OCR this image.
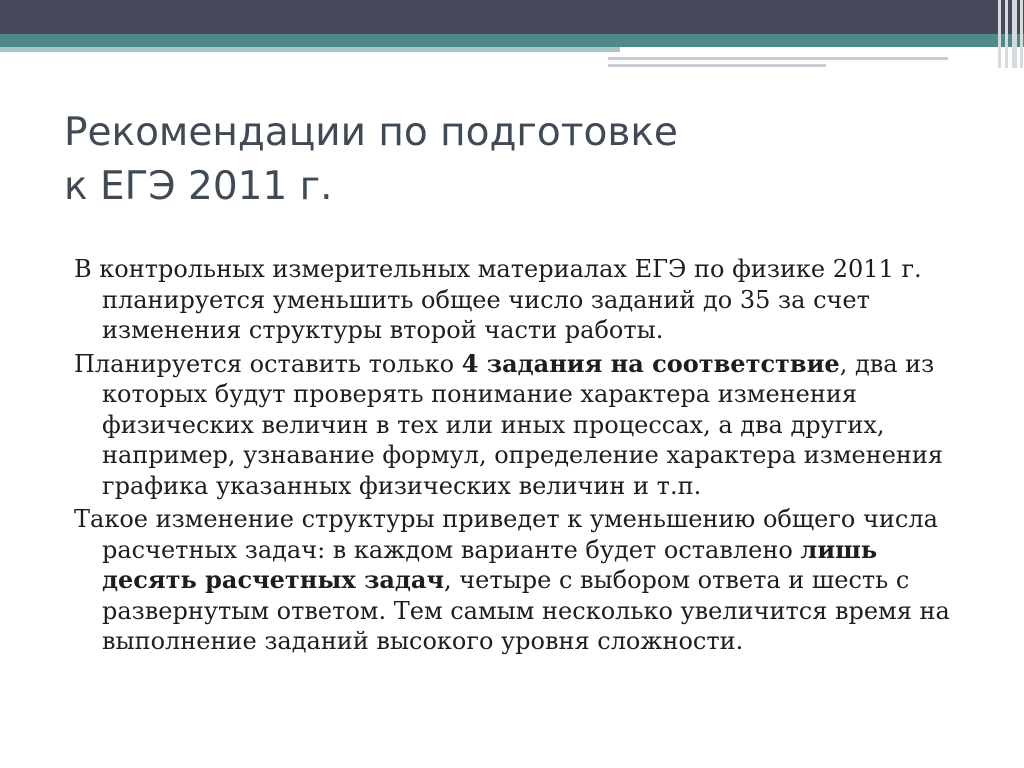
Рекомендации по подготовке
к ЕГЭ 2011 г.

В контрольных измерительных материалах ЕГЭ по физике 2011 г. планируется уменьшить общее число заданий до 35 за счет изменения структуры второй части работы.

Планируется оставить только 4 задания на соответствие, два из которых будут проверять понимание характера изменения физических величин в тех или иных процессах, а два других, например, узнавание формул, определение характера изменения графика указанных физических величин и т.п.

Такое изменение структуры приведет к уменьшению общего числа расчетных задач: в каждом варианте будет оставлено лишь десять расчетных задач, четыре с выбором ответа и шесть с развернутым ответом. Тем самым несколько увеличится время на выполнение заданий высокого уровня сложности.
